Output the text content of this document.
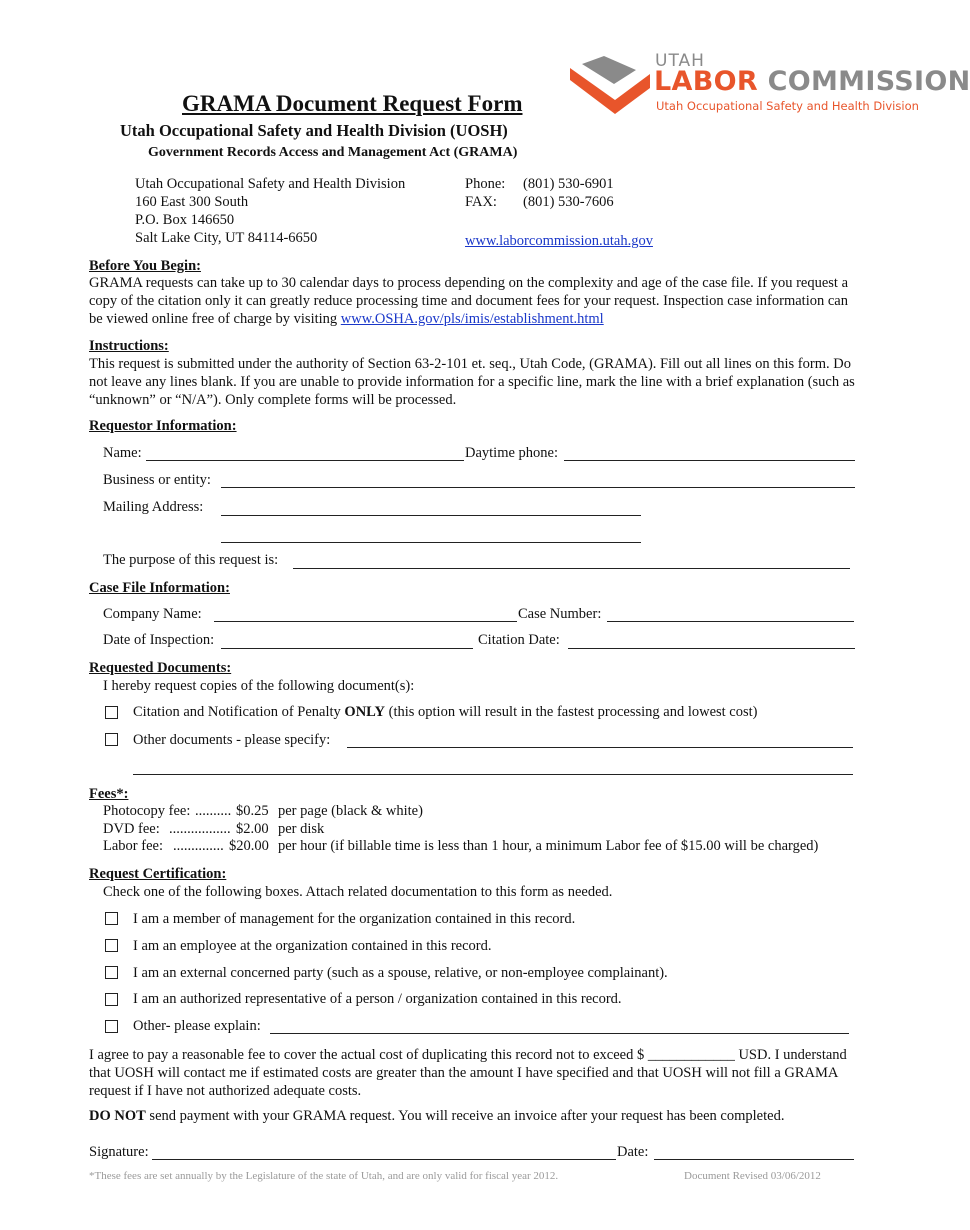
UTAH
LABOR COMMISSION
Utah Occupational Safety and Health Division
GRAMA Document Request Form
Utah Occupational Safety and Health Division (UOSH)
Government Records Access and Management Act (GRAMA)
Utah Occupational Safety and Health Division
160 East 300 South
P.O. Box 146650
Salt Lake City, UT 84114-6650
Phone: (801) 530-6901
FAX: (801) 530-7606
www.laborcommission.utah.gov
Before You Begin:
GRAMA requests can take up to 30 calendar days to process depending on the complexity and age of the case file. If you request a copy of the citation only it can greatly reduce processing time and document fees for your request. Inspection case information can be viewed online free of charge by visiting www.OSHA.gov/pls/imis/establishment.html
Instructions:
This request is submitted under the authority of Section 63-2-101 et. seq., Utah Code, (GRAMA). Fill out all lines on this form. Do not leave any lines blank. If you are unable to provide information for a specific line, mark the line with a brief explanation (such as “unknown” or “N/A”). Only complete forms will be processed.
Requestor Information:
Name:	Daytime phone:
Business or entity:
Mailing Address:
The purpose of this request is:
Case File Information:
Company Name:	Case Number:
Date of Inspection:	Citation Date:
Requested Documents:
I hereby request copies of the following document(s):
Citation and Notification of Penalty ONLY (this option will result in the fastest processing and lowest cost)
Other documents - please specify:
Fees*:
Photocopy fee: .......... $0.25 per page (black & white)
DVD fee: ................. $2.00 per disk
Labor fee: .............. $20.00 per hour (if billable time is less than 1 hour, a minimum Labor fee of $15.00 will be charged)
Request Certification:
Check one of the following boxes. Attach related documentation to this form as needed.
I am a member of management for the organization contained in this record.
I am an employee at the organization contained in this record.
I am an external concerned party (such as a spouse, relative, or non-employee complainant).
I am an authorized representative of a person / organization contained in this record.
Other- please explain:
I agree to pay a reasonable fee to cover the actual cost of duplicating this record not to exceed $ ____________ USD. I understand that UOSH will contact me if estimated costs are greater than the amount I have specified and that UOSH will not fill a GRAMA request if I have not authorized adequate costs.
DO NOT send payment with your GRAMA request. You will receive an invoice after your request has been completed.
Signature:	Date:
*These fees are set annually by the Legislature of the state of Utah, and are only valid for fiscal year 2012.	Document Revised 03/06/2012
